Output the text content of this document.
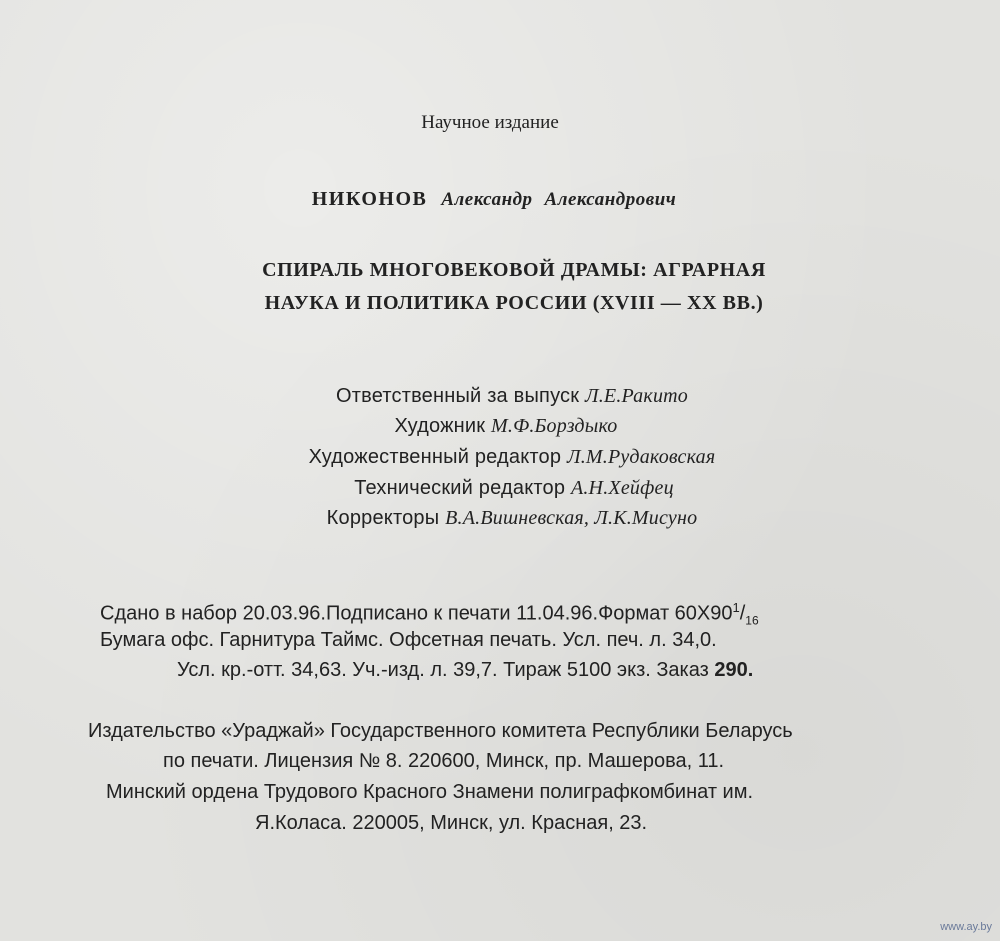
Научное издание
НИКОНОВ Александр Александрович
СПИРАЛЬ МНОГОВЕКОВОЙ ДРАМЫ: АГРАРНАЯ
НАУКА И ПОЛИТИКА РОССИИ (XVIII — XX ВВ.)
Ответственный за выпуск Л.Е.Ракито
Художник М.Ф.Борздыко
Художественный редактор Л.М.Рудаковская
Технический редактор А.Н.Хейфец
Корректоры В.А.Вишневская, Л.К.Мисуно
Сдано в набор 20.03.96.Подписано к печати 11.04.96.Формат $60Х90^1/_{16}$
Бумага офс. Гарнитура Таймс. Офсетная печать. Усл. печ. л. 34,0.
Усл. кр.-отт. 34,63. Уч.-изд. л. 39,7. Тираж 5100 экз. Заказ 290.
Издательство «Ураджай» Государственного комитета Республики Беларусь
по печати. Лицензия № 8. 220600, Минск, пр. Машерова, 11.
Минский ордена Трудового Красного Знамени полиграфкомбинат им.
Я.Коласа. 220005, Минск, ул. Красная, 23.
www.ay.by
